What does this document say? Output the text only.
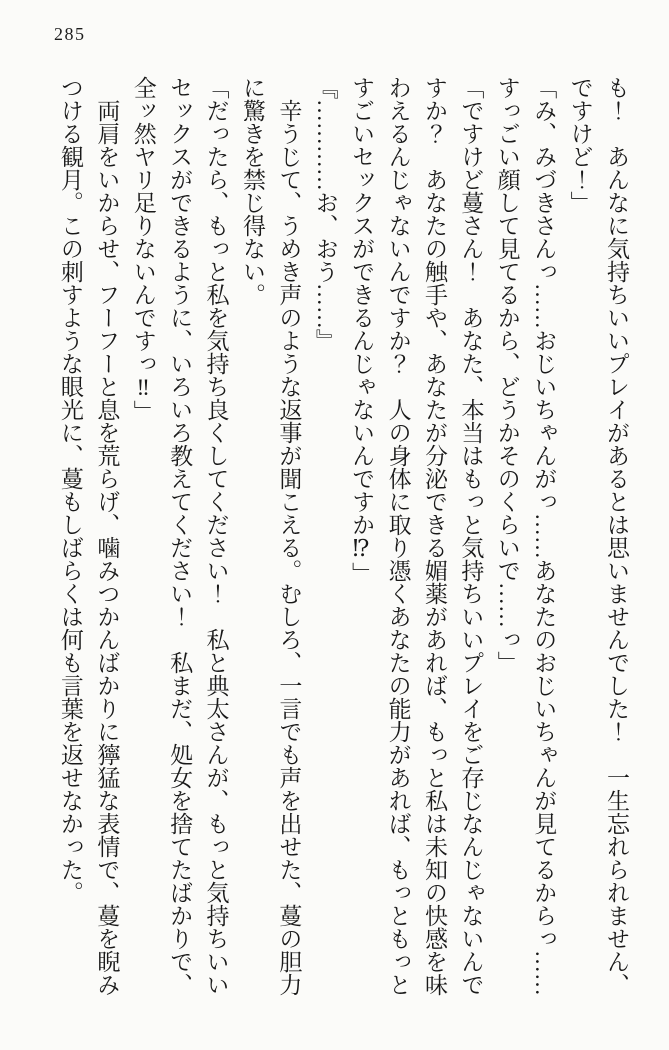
285

も！　あんなに気持ちいいプレイがあるとは思いませんでした！　一生忘れられません、ですけど！」

「み、みづきさんっ……おじいちゃんがっ……あなたのおじいちゃんが見てるからっ……すっごい顔して見てるから、どうかそのくらいで……っ」

「ですけど蔓さん！　あなた、本当はもっと気持ちいいプレイをご存じなんじゃないんですか？　あなたの触手や、あなたが分泌できる媚薬があれば、もっと私は未知の快感を味わえるんじゃないんですか？　人の身体に取り憑くあなたの能力があれば、もっともっとすごいセックスができるんじゃないんですか⁉」

『…………お、おう……』

　辛うじて、うめき声のような返事が聞こえる。むしろ、一言でも声を出せた、蔓の胆力に驚きを禁じ得ない。

「だったら、もっと私を気持ち良くしてください！　私と典太さんが、もっと気持ちいいセックスができるように、いろいろ教えてください！　私まだ、処女を捨てたばかりで、全ッ然ヤリ足りないんですっ‼」

　両肩をいからせ、フーフーと息を荒らげ、噛みつかんばかりに獰猛な表情で、蔓を睨みつける観月。この刺すような眼光に、蔓もしばらくは何も言葉を返せなかった。
